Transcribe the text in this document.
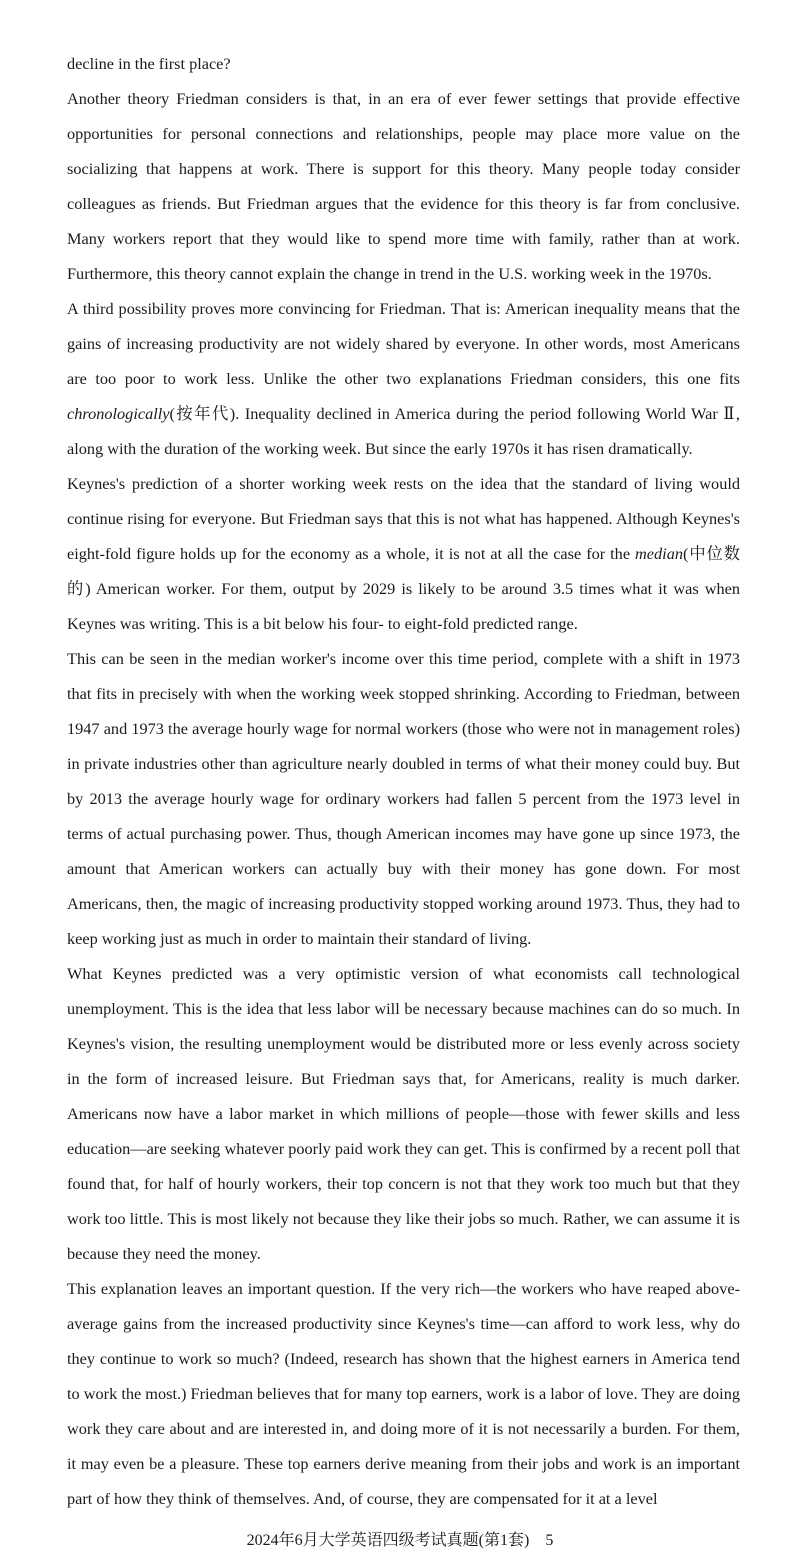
decline in the first place?
Another theory Friedman considers is that, in an era of ever fewer settings that provide effective opportunities for personal connections and relationships, people may place more value on the socializing that happens at work. There is support for this theory. Many people today consider colleagues as friends. But Friedman argues that the evidence for this theory is far from conclusive. Many workers report that they would like to spend more time with family, rather than at work. Furthermore, this theory cannot explain the change in trend in the U.S. working week in the 1970s.
A third possibility proves more convincing for Friedman. That is: American inequality means that the gains of increasing productivity are not widely shared by everyone. In other words, most Americans are too poor to work less. Unlike the other two explanations Friedman considers, this one fits chronologically(按年代). Inequality declined in America during the period following World War Ⅱ, along with the duration of the working week. But since the early 1970s it has risen dramatically.
Keynes's prediction of a shorter working week rests on the idea that the standard of living would continue rising for everyone. But Friedman says that this is not what has happened. Although Keynes's eight-fold figure holds up for the economy as a whole, it is not at all the case for the median(中位数的) American worker. For them, output by 2029 is likely to be around 3.5 times what it was when Keynes was writing. This is a bit below his four- to eight-fold predicted range.
This can be seen in the median worker's income over this time period, complete with a shift in 1973 that fits in precisely with when the working week stopped shrinking. According to Friedman, between 1947 and 1973 the average hourly wage for normal workers (those who were not in management roles) in private industries other than agriculture nearly doubled in terms of what their money could buy. But by 2013 the average hourly wage for ordinary workers had fallen 5 percent from the 1973 level in terms of actual purchasing power. Thus, though American incomes may have gone up since 1973, the amount that American workers can actually buy with their money has gone down. For most Americans, then, the magic of increasing productivity stopped working around 1973. Thus, they had to keep working just as much in order to maintain their standard of living.
What Keynes predicted was a very optimistic version of what economists call technological unemployment. This is the idea that less labor will be necessary because machines can do so much. In Keynes's vision, the resulting unemployment would be distributed more or less evenly across society in the form of increased leisure. But Friedman says that, for Americans, reality is much darker. Americans now have a labor market in which millions of people—those with fewer skills and less education—are seeking whatever poorly paid work they can get. This is confirmed by a recent poll that found that, for half of hourly workers, their top concern is not that they work too much but that they work too little. This is most likely not because they like their jobs so much. Rather, we can assume it is because they need the money.
This explanation leaves an important question. If the very rich—the workers who have reaped above-average gains from the increased productivity since Keynes's time—can afford to work less, why do they continue to work so much? (Indeed, research has shown that the highest earners in America tend to work the most.) Friedman believes that for many top earners, work is a labor of love. They are doing work they care about and are interested in, and doing more of it is not necessarily a burden. For them, it may even be a pleasure. These top earners derive meaning from their jobs and work is an important part of how they think of themselves. And, of course, they are compensated for it at a level
2024年6月大学英语四级考试真题(第1套)　5
